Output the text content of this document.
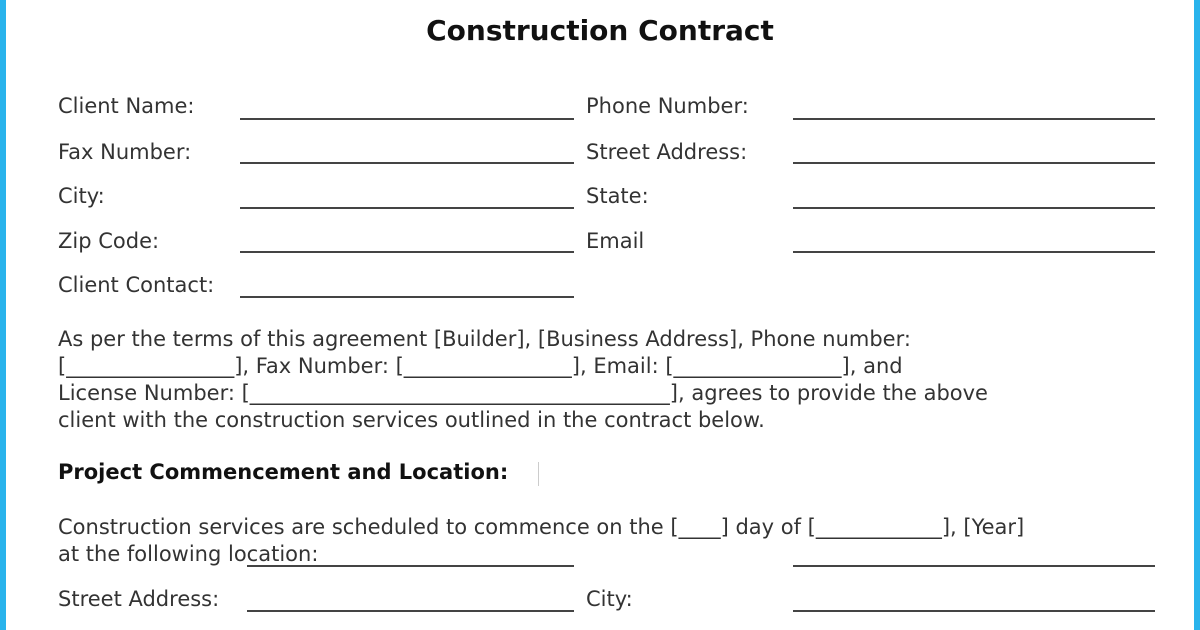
Construction Contract
Client Name:	Phone Number:
Fax Number:	Street Address:
City:	State:
Zip Code:	Email
Client Contact:
As per the terms of this agreement [Builder], [Business Address], Phone number:
[________________], Fax Number: [________________], Email: [________________], and
License Number: [________________________________________], agrees to provide the above
client with the construction services outlined in the contract below.
Project Commencement and Location:
Construction services are scheduled to commence on the [____] day of [____________], [Year]
at the following location:
Street Address:	City:
